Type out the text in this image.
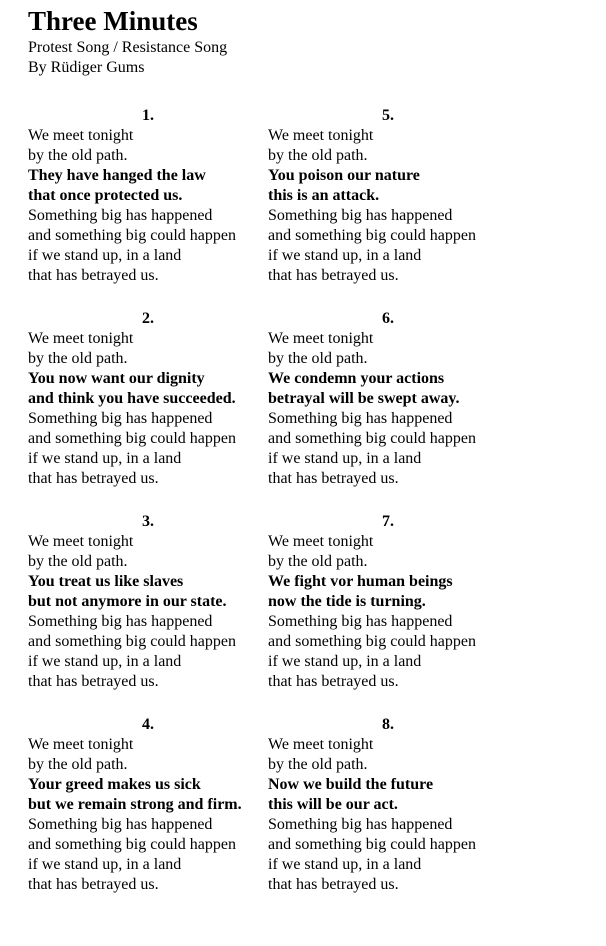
Three Minutes

Protest Song / Resistance Song

By Rüdiger Gums

1.
We meet tonight
by the old path.
They have hanged the law
that once protected us.
Something big has happened
and something big could happen
if we stand up, in a land
that has betrayed us.
2.
We meet tonight
by the old path.
You now want our dignity
and think you have succeeded.
Something big has happened
and something big could happen
if we stand up, in a land
that has betrayed us.
3.
We meet tonight
by the old path.
You treat us like slaves
but not anymore in our state.
Something big has happened
and something big could happen
if we stand up, in a land
that has betrayed us.
4.
We meet tonight
by the old path.
Your greed makes us sick
but we remain strong and firm.
Something big has happened
and something big could happen
if we stand up, in a land
that has betrayed us.
5.
We meet tonight
by the old path.
You poison our nature
this is an attack.
Something big has happened
and something big could happen
if we stand up, in a land
that has betrayed us.
6.
We meet tonight
by the old path.
We condemn your actions
betrayal will be swept away.
Something big has happened
and something big could happen
if we stand up, in a land
that has betrayed us.
7.
We meet tonight
by the old path.
We fight vor human beings
now the tide is turning.
Something big has happened
and something big could happen
if we stand up, in a land
that has betrayed us.
8.
We meet tonight
by the old path.
Now we build the future
this will be our act.
Something big has happened
and something big could happen
if we stand up, in a land
that has betrayed us.
